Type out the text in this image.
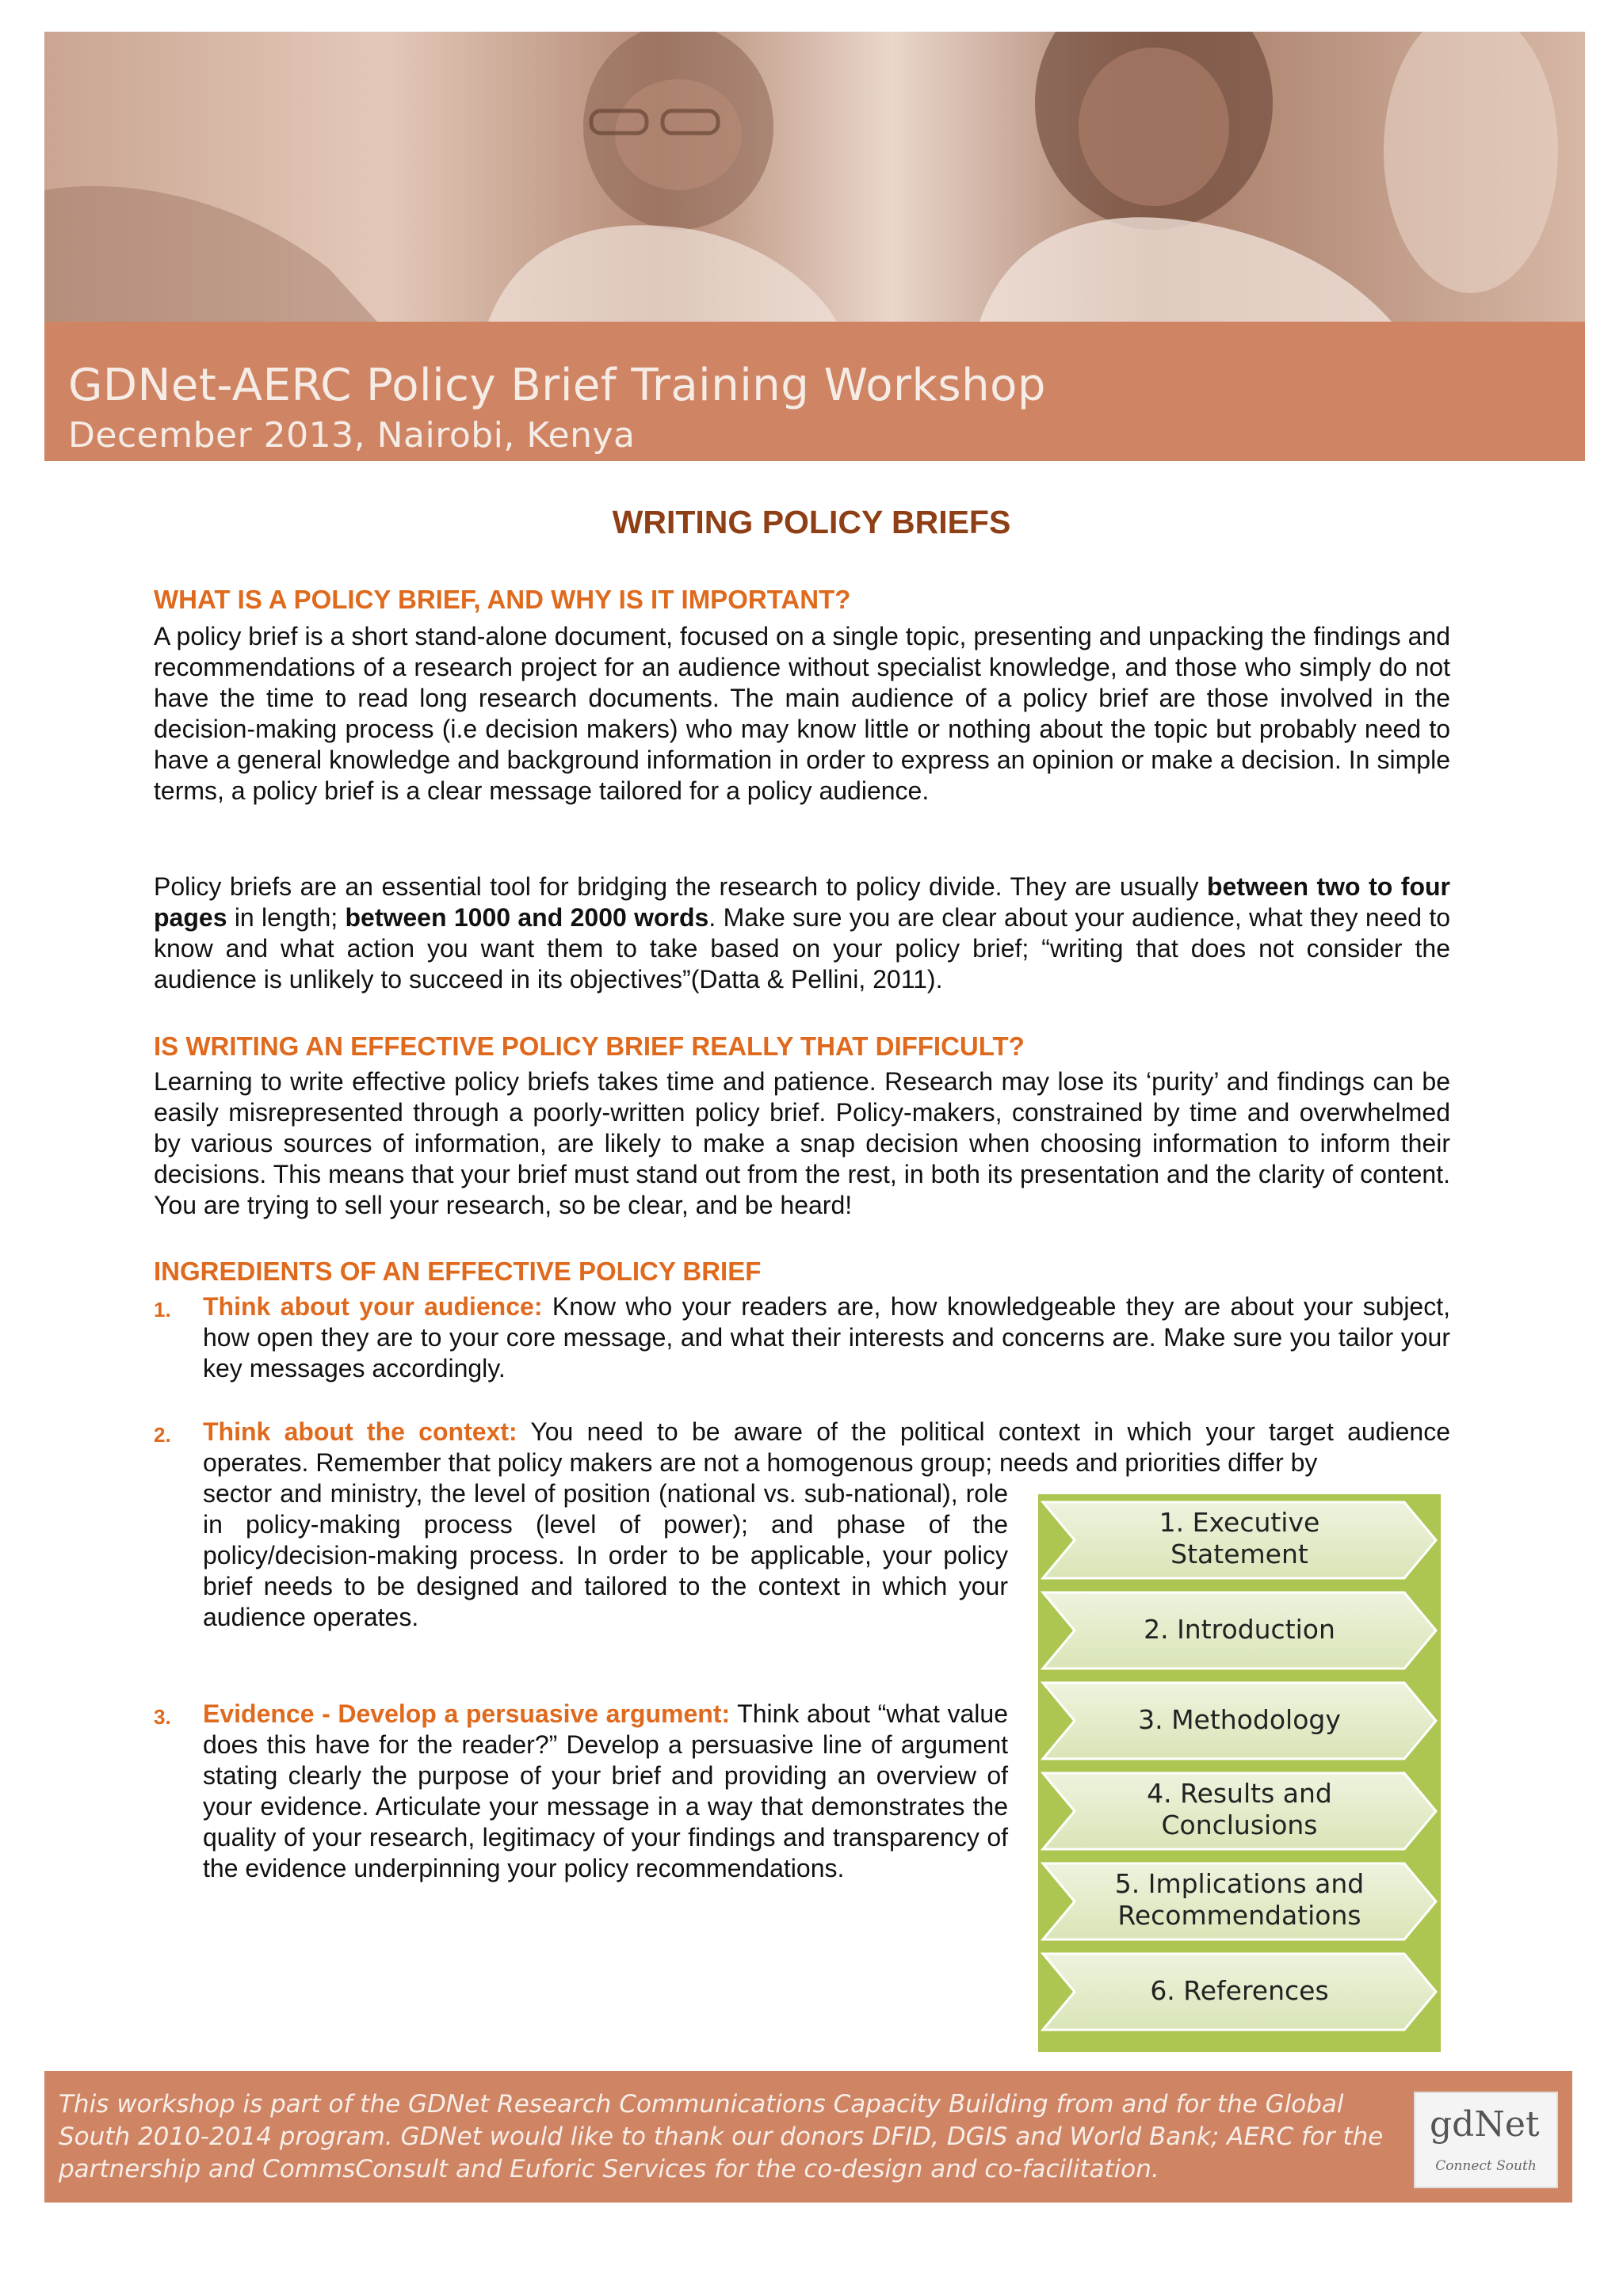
GDNet-AERC Policy Brief Training Workshop
December 2013, Nairobi, Kenya
WRITING POLICY BRIEFS
WHAT IS A POLICY BRIEF, AND WHY IS IT IMPORTANT?

A policy brief is a short stand-alone document, focused on a single topic, presenting and unpacking the findings and recommendations of a research project for an audience without specialist knowledge, and those who simply do not have the time to read long research documents. The main audience of a policy brief are those involved in the decision-making process (i.e decision makers) who may know little or nothing about the topic but probably need to have a general knowledge and background information in order to express an opinion or make a decision. In simple terms, a policy brief is a clear message tailored for a policy audience.

Policy briefs are an essential tool for bridging the research to policy divide. They are usually between two to four pages in length; between 1000 and 2000 words. Make sure you are clear about your audience, what they need to know and what action you want them to take based on your policy brief; “writing that does not consider the audience is unlikely to succeed in its objectives”(Datta & Pellini, 2011).

IS WRITING AN EFFECTIVE POLICY BRIEF REALLY THAT DIFFICULT?

Learning to write effective policy briefs takes time and patience. Research may lose its ‘purity’ and findings can be easily misrepresented through a poorly-written policy brief. Policy-makers, constrained by time and overwhelmed by various sources of information, are likely to make a snap decision when choosing information to inform their decisions. This means that your brief must stand out from the rest, in both its presentation and the clarity of content. You are trying to sell your research, so be clear, and be heard!

INGREDIENTS OF AN EFFECTIVE POLICY BRIEF
1. Think about your audience: Know who your readers are, how knowledgeable they are about your subject, how open they are to your core message, and what their interests and concerns are. Make sure you tailor your key messages accordingly.
2. Think about the context: You need to be aware of the political context in which your target audience operates. Remember that policy makers are not a homogenous group; needs and priorities differ by
sector and ministry, the level of position (national vs. sub-national), role in policy-making process (level of power); and phase of the policy/decision-making process. In order to be applicable, your policy brief needs to be designed and tailored to the context in which your audience operates.
3. Evidence - Develop a persuasive argument: Think about “what value does this have for the reader?” Develop a persuasive line of argument stating clearly the purpose of your brief and providing an overview of your evidence. Articulate your message in a way that demonstrates the quality of your research, legitimacy of your findings and transparency of the evidence underpinning your policy recommendations.
1. Executive
Statement
2. Introduction
3. Methodology
4. Results and
Conclusions
5. Implications and
Recommendations
6. References
This workshop is part of the GDNet Research Communications Capacity Building from and for the Global South 2010-2014 program. GDNet would like to thank our donors DFID, DGIS and World Bank; AERC for the partnership and CommsConsult and Euforic Services for the co-design and co-facilitation.
gdNet
Connect South
